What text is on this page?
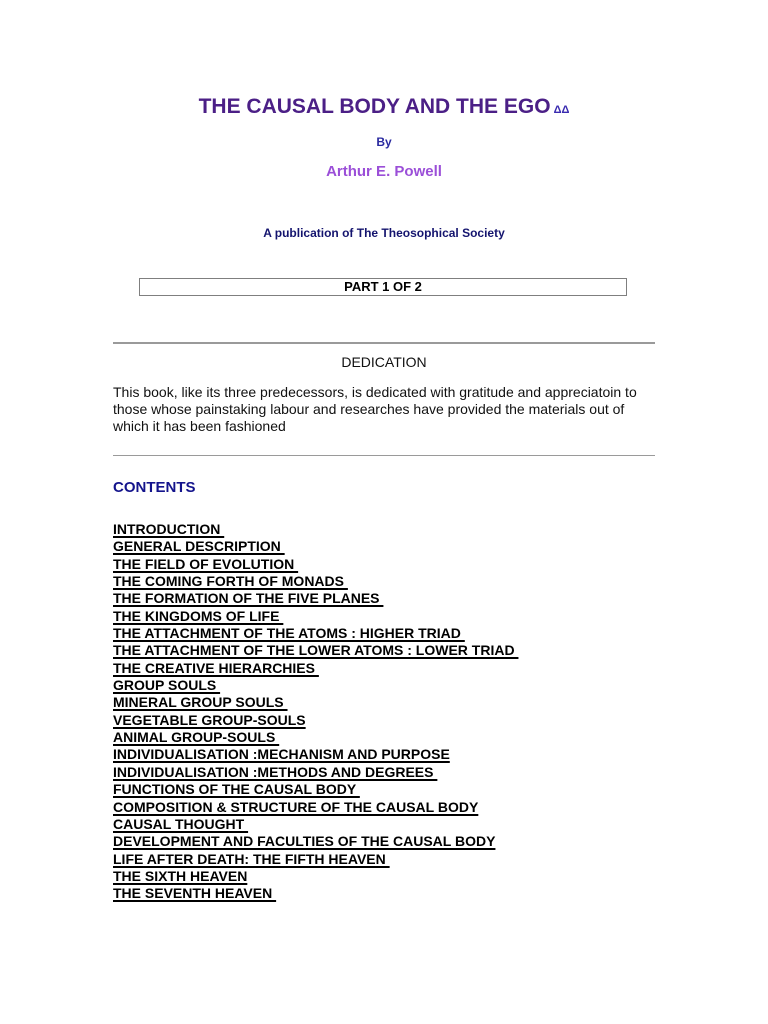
THE CAUSAL BODY AND THE EGO ΔΔ
By
Arthur E. Powell
A publication of The Theosophical Society
PART 1 OF 2
DEDICATION
This book, like its three predecessors, is dedicated with gratitude and appreciatoin to those whose painstaking labour and researches have provided the materials out of which it has been fashioned
CONTENTS
INTRODUCTION
GENERAL DESCRIPTION
THE FIELD OF EVOLUTION
THE COMING FORTH OF MONADS
THE FORMATION OF THE FIVE PLANES
THE KINGDOMS OF LIFE
THE ATTACHMENT OF THE ATOMS : HIGHER TRIAD
THE ATTACHMENT OF THE LOWER ATOMS : LOWER TRIAD
THE CREATIVE HIERARCHIES
GROUP SOULS
MINERAL GROUP SOULS
VEGETABLE GROUP-SOULS
ANIMAL GROUP-SOULS
INDIVIDUALISATION :MECHANISM AND PURPOSE
INDIVIDUALISATION :METHODS AND DEGREES
FUNCTIONS OF THE CAUSAL BODY
COMPOSITION & STRUCTURE OF THE CAUSAL BODY
CAUSAL THOUGHT
DEVELOPMENT AND FACULTIES OF THE CAUSAL BODY
LIFE AFTER DEATH: THE FIFTH HEAVEN
THE SIXTH HEAVEN
THE SEVENTH HEAVEN
